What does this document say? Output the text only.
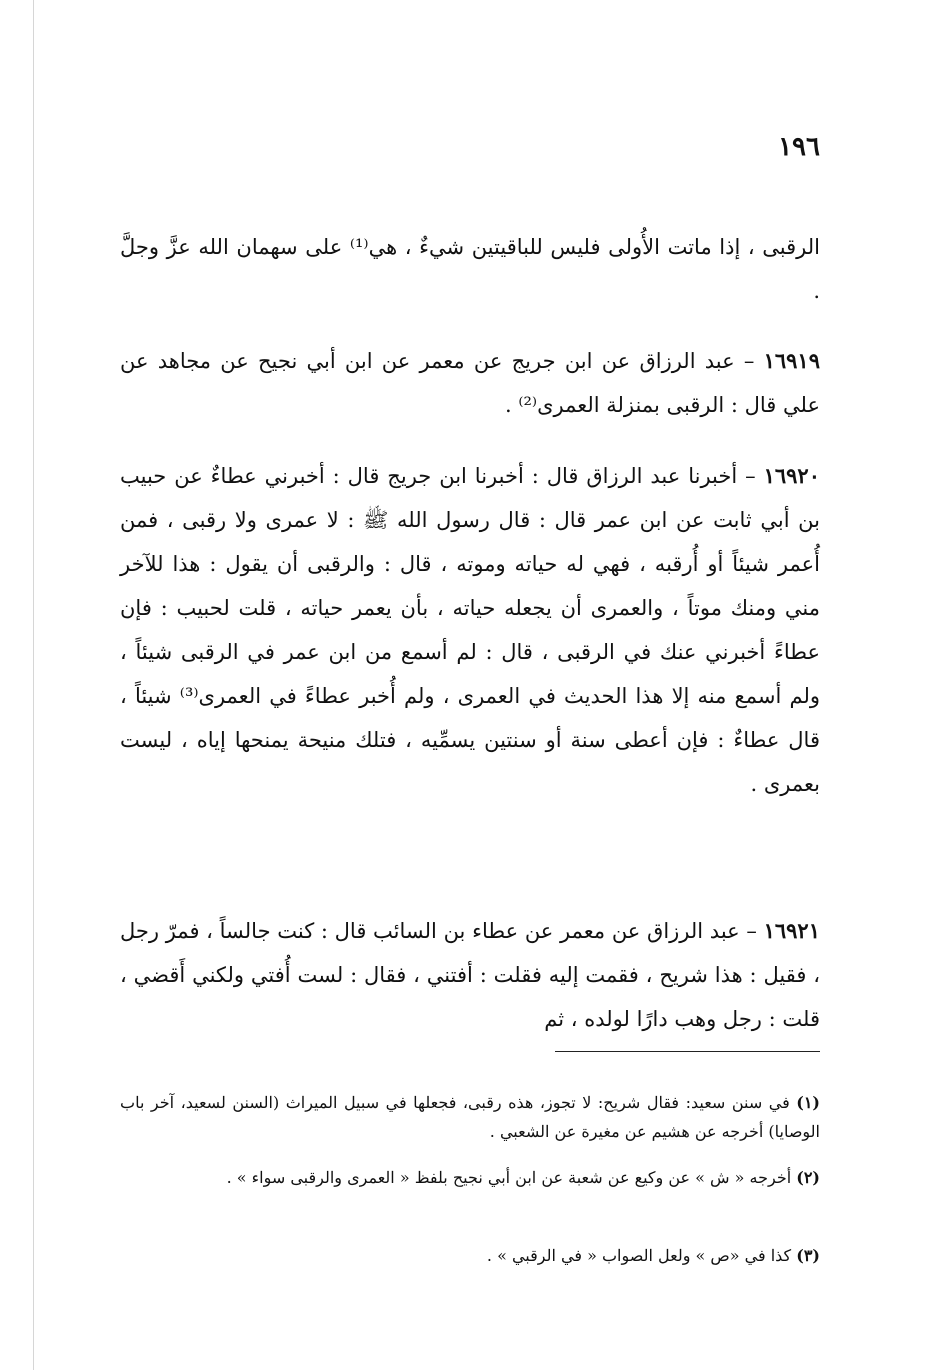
١٩٦

الرقبى ، إذا ماتت الأُولى فليس للباقيتين شيءٌ ، هي⁽¹⁾ على سهمان الله عزَّ وجلَّ .

١٦٩١٩ – عبد الرزاق عن ابن جريج عن معمر عن ابن أبي نجيح عن مجاهد عن علي قال : الرقبى بمنزلة العمرى⁽²⁾ .

١٦٩٢٠ – أخبرنا عبد الرزاق قال : أخبرنا ابن جريج قال : أخبرني عطاءٌ عن حبيب بن أبي ثابت عن ابن عمر قال : قال رسول الله ﷺ : لا عمرى ولا رقبى ، فمن أُعمر شيئاً أو أُرقبه ، فهي له حياته وموته ، قال : والرقبى أن يقول : هذا للآخر مني ومنك موتاً ، والعمرى أن يجعله حياته ، بأن يعمر حياته ، قلت لحبيب : فإن عطاءً أخبرني عنك في الرقبى ، قال : لم أسمع من ابن عمر في الرقبى شيئاً ، ولم أسمع منه إلا هذا الحديث في العمرى ، ولم أُخبر عطاءً في العمرى⁽³⁾ شيئاً ، قال عطاءٌ : فإن أعطى سنة أو سنتين يسمِّيه ، فتلك منيحة يمنحها إياه ، ليست بعمرى .

١٦٩٢١ – عبد الرزاق عن معمر عن عطاء بن السائب قال : كنت جالساً ، فمرّ رجل ، فقيل : هذا شريح ، فقمت إليه فقلت : أفتني ، فقال : لست أُفتي ولكني أَقضي ، قلت : رجل وهب دارًا لولده ، ثم

(١) في سنن سعيد: فقال شريح: لا تجوز، هذه رقبى، فجعلها في سبيل الميراث (السنن لسعيد، آخر باب الوصايا) أخرجه عن هشيم عن مغيرة عن الشعبي .

(٢) أخرجه « ش » عن وكيع عن شعبة عن ابن أبي نجيح بلفظ « العمرى والرقبى سواء » .

(٣) كذا في «ص » ولعل الصواب « في الرقبي » .
